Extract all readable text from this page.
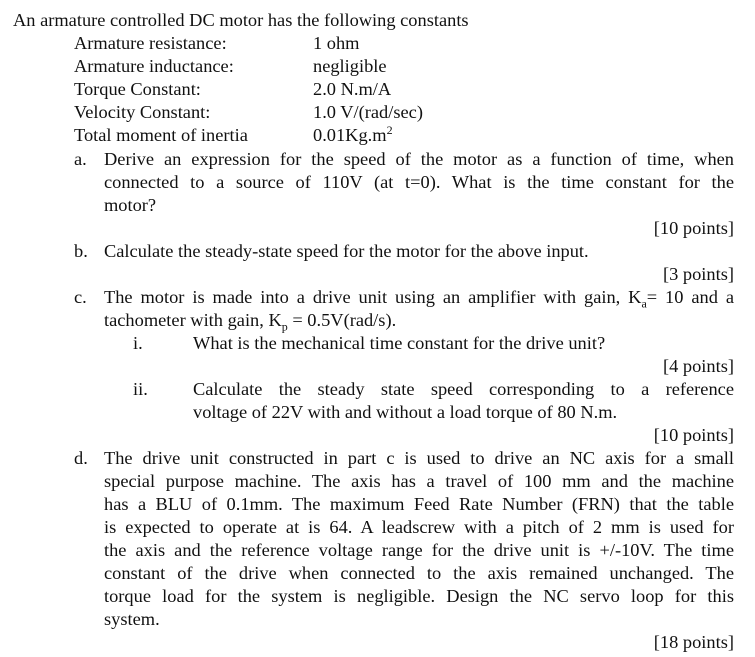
An armature controlled DC motor has the following constants
Armature resistance:	1 ohm
Armature inductance:	negligible
Torque Constant:	2.0 N.m/A
Velocity Constant:	1.0 V/(rad/sec)
Total moment of inertia	$0.01Kg.m^2$
a. Derive an expression for the speed of the motor as a function of time, when
connected to a source of 110V (at t=0). What is the time constant for the
motor?
[10 points]
b. Calculate the steady-state speed for the motor for the above input.
[3 points]
c. The motor is made into a drive unit using an amplifier with gain, $K_a= 10$ and a
tachometer with gain, $K_p = 0.5V(rad/s)$.
i.	What is the mechanical time constant for the drive unit?
[4 points]
ii. Calculate the steady state speed corresponding to a reference
voltage of 22V with and without a load torque of 80 N.m.
[10 points]
d. The drive unit constructed in part c is used to drive an NC axis for a small
special purpose machine. The axis has a travel of 100 mm and the machine
has a BLU of 0.1mm. The maximum Feed Rate Number (FRN) that the table
is expected to operate at is 64. A leadscrew with a pitch of 2 mm is used for
the axis and the reference voltage range for the drive unit is +/-10V. The time
constant of the drive when connected to the axis remained unchanged. The
torque load for the system is negligible. Design the NC servo loop for this
system.
[18 points]
